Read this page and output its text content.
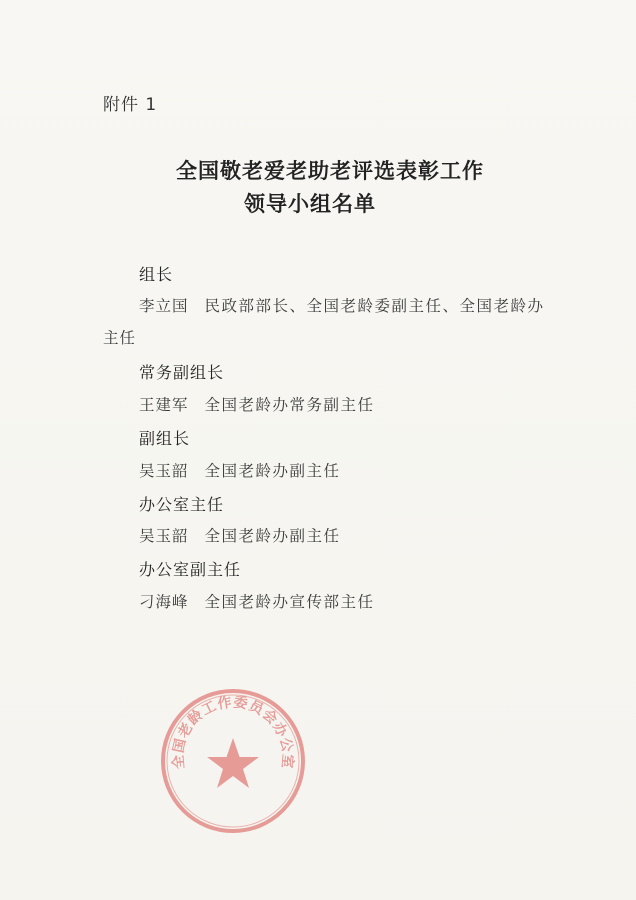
附件 1
全国敬老爱老助老评选表彰工作
领导小组名单
组长
李立国 民政部部长、全国老龄委副主任、全国老龄办
主任
常务副组长
王建军 全国老龄办常务副主任
副组长
吴玉韶 全国老龄办副主任
办公室主任
吴玉韶 全国老龄办副主任
办公室副主任
刁海峰 全国老龄办宣传部主任
全国老龄工作委员会办公室
